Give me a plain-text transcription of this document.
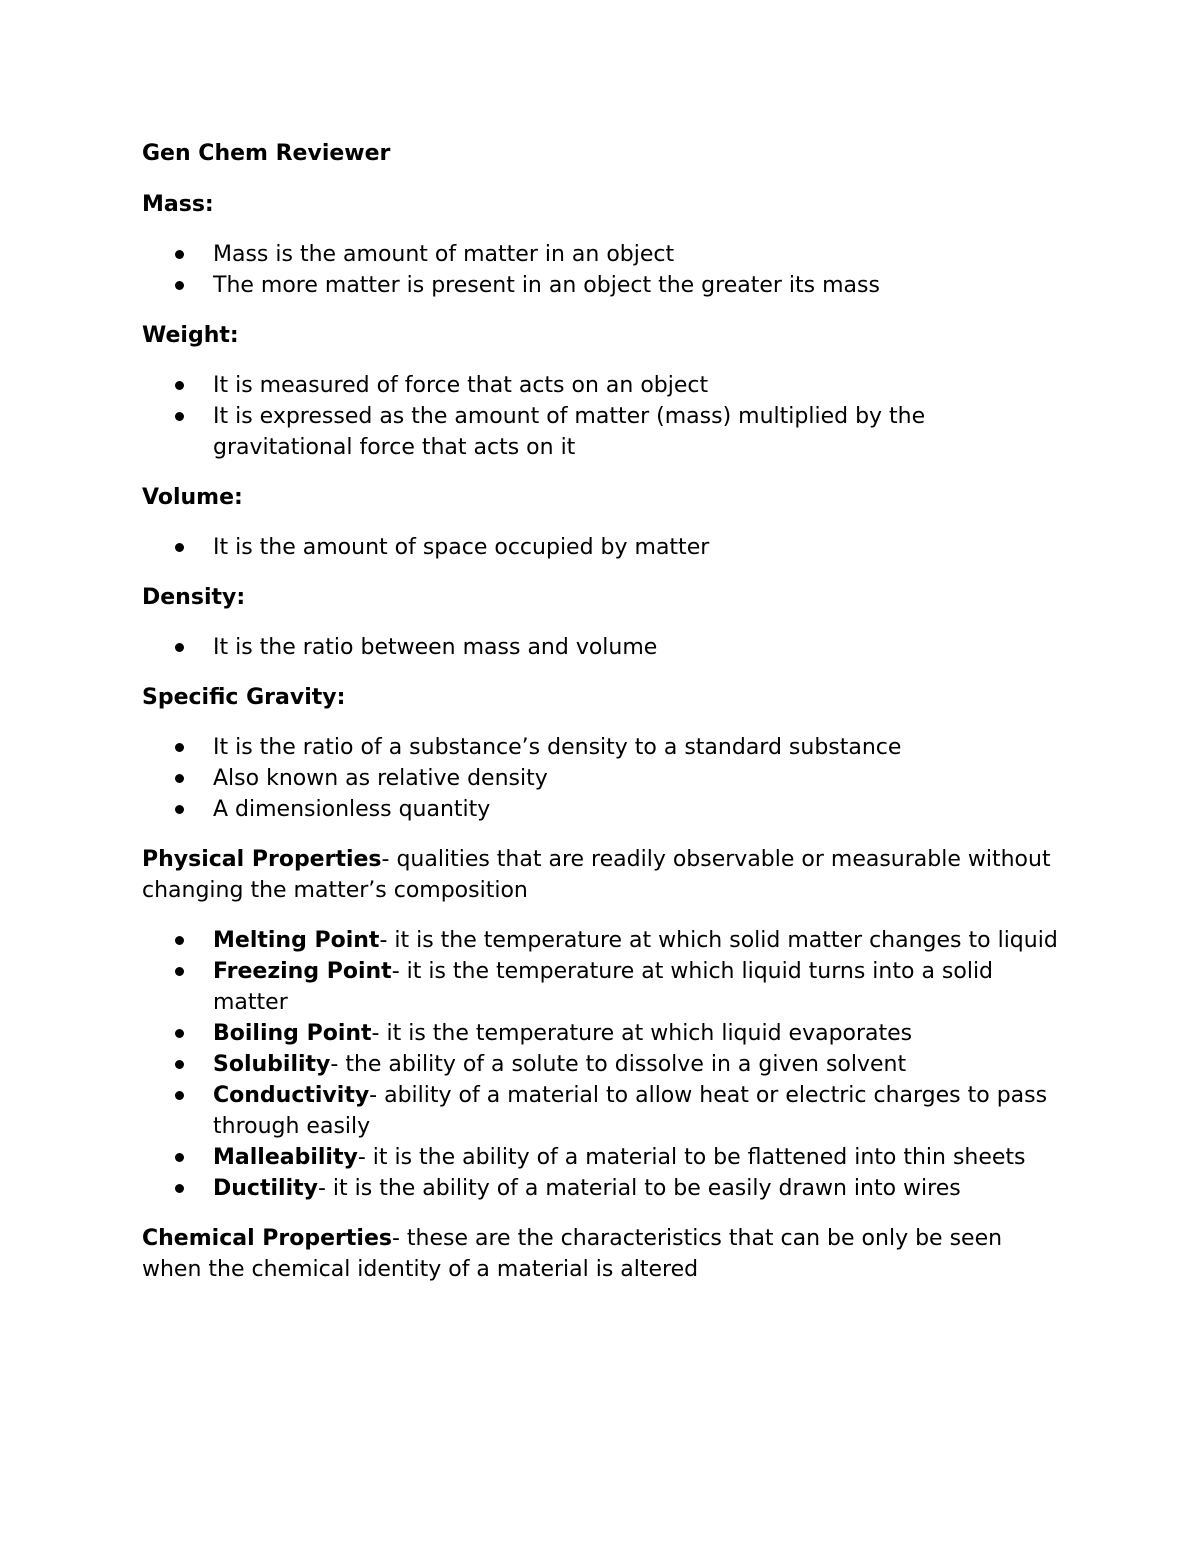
Gen Chem Reviewer
Mass:
Mass is the amount of matter in an object
The more matter is present in an object the greater its mass
Weight:
It is measured of force that acts on an object
It is expressed as the amount of matter (mass) multiplied by the gravitational force that acts on it
Volume:
It is the amount of space occupied by matter
Density:
It is the ratio between mass and volume
Specific Gravity:
It is the ratio of a substance’s density to a standard substance
Also known as relative density
A dimensionless quantity

Physical Properties- qualities that are readily observable or measurable without changing the matter’s composition

Melting Point- it is the temperature at which solid matter changes to liquid
Freezing Point- it is the temperature at which liquid turns into a solid matter
Boiling Point- it is the temperature at which liquid evaporates
Solubility- the ability of a solute to dissolve in a given solvent
Conductivity- ability of a material to allow heat or electric charges to pass through easily
Malleability- it is the ability of a material to be flattened into thin sheets
Ductility- it is the ability of a material to be easily drawn into wires

Chemical Properties- these are the characteristics that can be only be seen when the chemical identity of a material is altered
